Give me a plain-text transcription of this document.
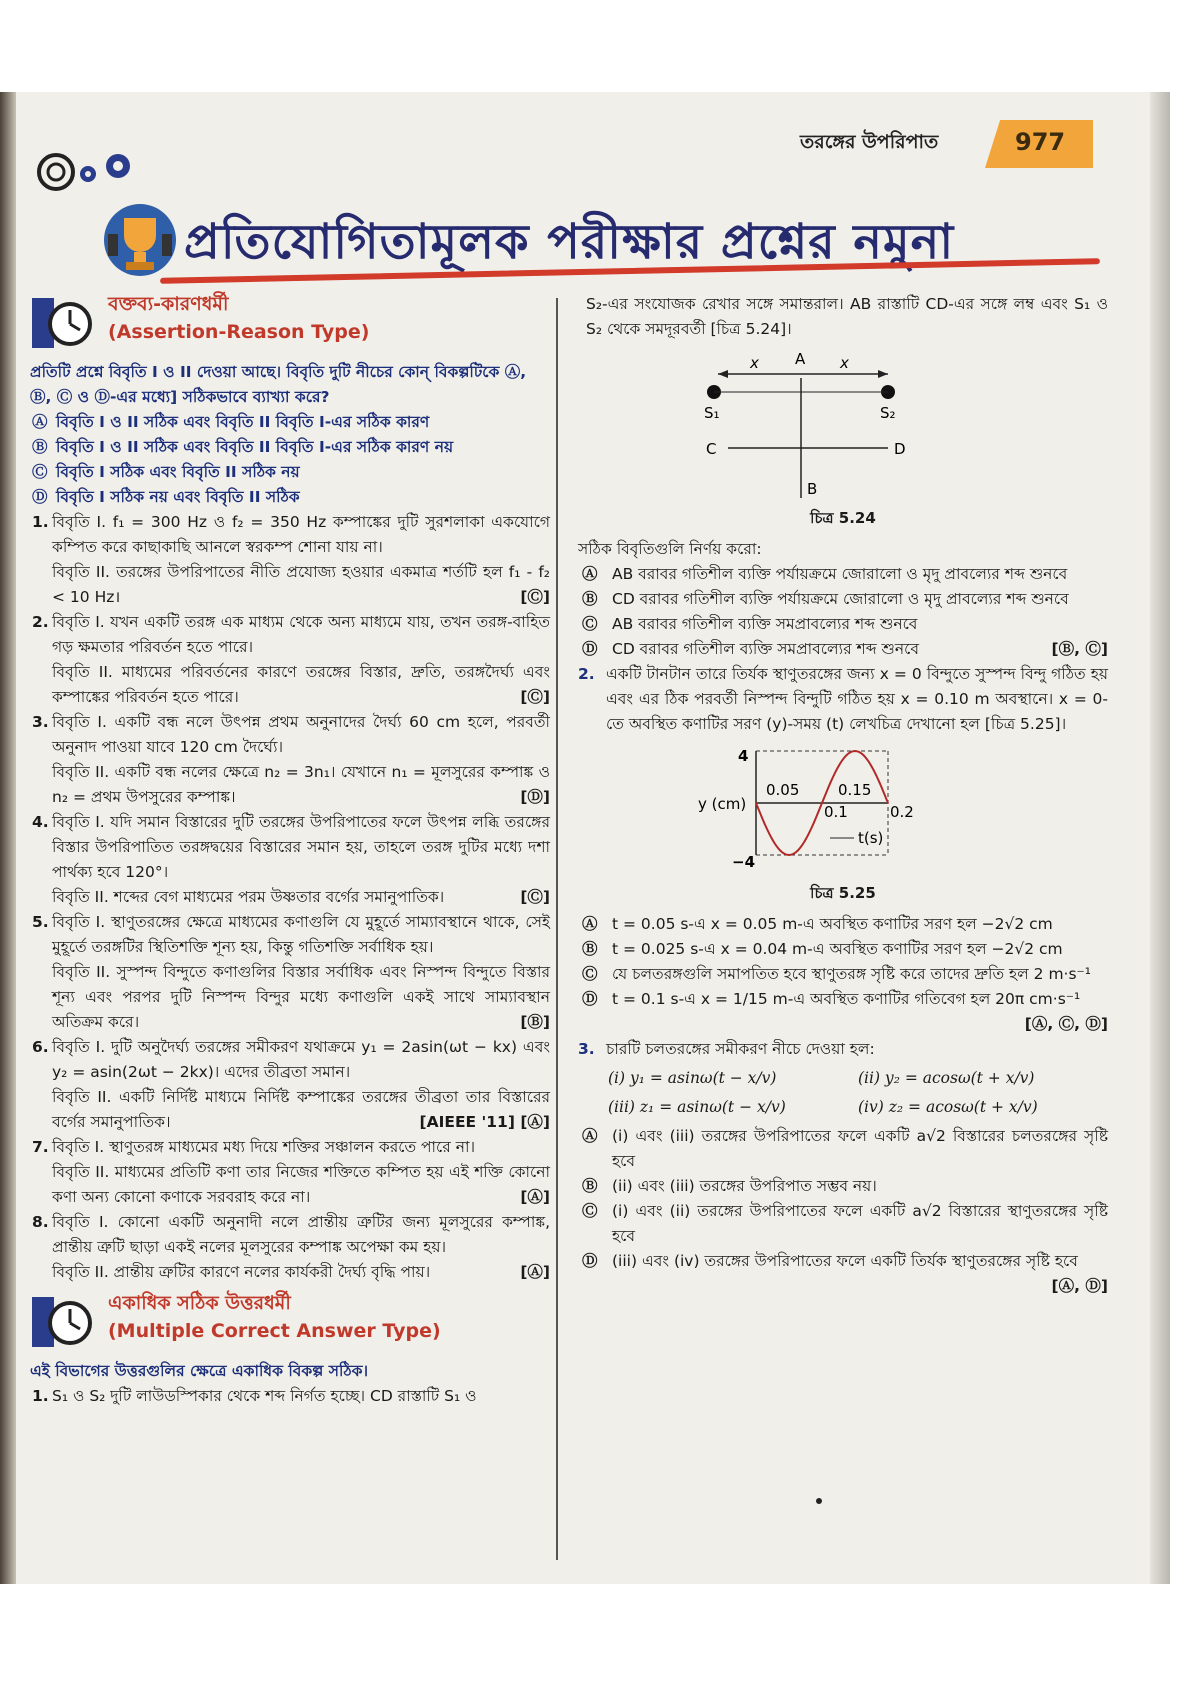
তরঙ্গের উপরিপাত	977
প্রতিযোগিতামূলক পরীক্ষার প্রশ্নের নমুনা
বক্তব্য-কারণধর্মী
(Assertion-Reason Type)

প্রতিটি প্রশ্নে বিবৃতি I ও II দেওয়া আছে। বিবৃতি দুটি নীচের কোন্ বিকল্পটিকে Ⓐ, Ⓑ, Ⓒ ও Ⓓ-এর মধ্যে] সঠিকভাবে ব্যাখ্যা করে?

Ⓐ বিবৃতি I ও II সঠিক এবং বিবৃতি II বিবৃতি I-এর সঠিক কারণ

Ⓑ বিবৃতি I ও II সঠিক এবং বিবৃতি II বিবৃতি I-এর সঠিক কারণ নয়

Ⓒ বিবৃতি I সঠিক এবং বিবৃতি II সঠিক নয়

Ⓓ বিবৃতি I সঠিক নয় এবং বিবৃতি II সঠিক

1. বিবৃতি I. f₁ = 300 Hz ও f₂ = 350 Hz কম্পাঙ্কের দুটি সুরশলাকা একযোগে কম্পিত করে কাছাকাছি আনলে স্বরকম্প শোনা যায় না।

বিবৃতি II. তরঙ্গের উপরিপাতের নীতি প্রযোজ্য হওয়ার একমাত্র শর্তটি হল f₁ - f₂ < 10 Hz।	[Ⓒ]

2. বিবৃতি I. যখন একটি তরঙ্গ এক মাধ্যম থেকে অন্য মাধ্যমে যায়, তখন তরঙ্গ-বাহিত গড় ক্ষমতার পরিবর্তন হতে পারে।

বিবৃতি II. মাধ্যমের পরিবর্তনের কারণে তরঙ্গের বিস্তার, দ্রুতি, তরঙ্গদৈর্ঘ্য এবং কম্পাঙ্কের পরিবর্তন হতে পারে।	[Ⓒ]

3. বিবৃতি I. একটি বন্ধ নলে উৎপন্ন প্রথম অনুনাদের দৈর্ঘ্য 60 cm হলে, পরবর্তী অনুনাদ পাওয়া যাবে 120 cm দৈর্ঘ্যে।

বিবৃতি II. একটি বন্ধ নলের ক্ষেত্রে n₂ = 3n₁। যেখানে n₁ = মূলসুরের কম্পাঙ্ক ও n₂ = প্রথম উপসুরের কম্পাঙ্ক।	[Ⓓ]

4. বিবৃতি I. যদি সমান বিস্তারের দুটি তরঙ্গের উপরিপাতের ফলে উৎপন্ন লব্ধি তরঙ্গের বিস্তার উপরিপাতিত তরঙ্গদ্বয়ের বিস্তারের সমান হয়, তাহলে তরঙ্গ দুটির মধ্যে দশা পার্থক্য হবে 120°।

বিবৃতি II. শব্দের বেগ মাধ্যমের পরম উষ্ণতার বর্গের সমানুপাতিক।	[Ⓒ]

5. বিবৃতি I. স্থাণুতরঙ্গের ক্ষেত্রে মাধ্যমের কণাগুলি যে মুহূর্তে সাম্যাবস্থানে থাকে, সেই মুহূর্তে তরঙ্গটির স্থিতিশক্তি শূন্য হয়, কিন্তু গতিশক্তি সর্বাধিক হয়।

বিবৃতি II. সুস্পন্দ বিন্দুতে কণাগুলির বিস্তার সর্বাধিক এবং নিস্পন্দ বিন্দুতে বিস্তার শূন্য এবং পরপর দুটি নিস্পন্দ বিন্দুর মধ্যে কণাগুলি একই সাথে সাম্যাবস্থান অতিক্রম করে।	[Ⓑ]

6. বিবৃতি I. দুটি অনুদৈর্ঘ্য তরঙ্গের সমীকরণ যথাক্রমে y₁ = 2asin(ωt − kx) এবং y₂ = asin(2ωt − 2kx)। এদের তীব্রতা সমান।

বিবৃতি II. একটি নির্দিষ্ট মাধ্যমে নির্দিষ্ট কম্পাঙ্কের তরঙ্গের তীব্রতা তার বিস্তারের বর্গের সমানুপাতিক।	[AIEEE '11] [Ⓐ]

7. বিবৃতি I. স্থাণুতরঙ্গ মাধ্যমের মধ্য দিয়ে শক্তির সঞ্চালন করতে পারে না।

বিবৃতি II. মাধ্যমের প্রতিটি কণা তার নিজের শক্তিতে কম্পিত হয় এই শক্তি কোনো কণা অন্য কোনো কণাকে সরবরাহ করে না।	[Ⓐ]

8. বিবৃতি I. কোনো একটি অনুনাদী নলে প্রান্তীয় ত্রুটির জন্য মূলসুরের কম্পাঙ্ক, প্রান্তীয় ত্রুটি ছাড়া একই নলের মূলসুরের কম্পাঙ্ক অপেক্ষা কম হয়।

বিবৃতি II. প্রান্তীয় ত্রুটির কারণে নলের কার্যকরী দৈর্ঘ্য বৃদ্ধি পায়।	[Ⓐ]

একাধিক সঠিক উত্তরধর্মী
(Multiple Correct Answer Type)

এই বিভাগের উত্তরগুলির ক্ষেত্রে একাধিক বিকল্প সঠিক।

1. S₁ ও S₂ দুটি লাউডস্পিকার থেকে শব্দ নির্গত হচ্ছে। CD রাস্তাটি S₁ ও

S₂-এর সংযোজক রেখার সঙ্গে সমান্তরাল। AB রাস্তাটি CD-এর সঙ্গে লম্ব এবং S₁ ও S₂ থেকে সমদূরবর্তী [চিত্র 5.24]।

x	x
A
S₁	S₂
C	D
B

চিত্র 5.24

সঠিক বিবৃতিগুলি নির্ণয় করো:

Ⓐ AB বরাবর গতিশীল ব্যক্তি পর্যায়ক্রমে জোরালো ও মৃদু প্রাবল্যের শব্দ শুনবে

Ⓑ CD বরাবর গতিশীল ব্যক্তি পর্যায়ক্রমে জোরালো ও মৃদু প্রাবল্যের শব্দ শুনবে

Ⓒ AB বরাবর গতিশীল ব্যক্তি সমপ্রাবল্যের শব্দ শুনবে

Ⓓ CD বরাবর গতিশীল ব্যক্তি সমপ্রাবল্যের শব্দ শুনবে	[Ⓑ, Ⓒ]

2. একটি টানটান তারে তির্যক স্থাণুতরঙ্গের জন্য x = 0 বিন্দুতে সুস্পন্দ বিন্দু গঠিত হয় এবং এর ঠিক পরবর্তী নিস্পন্দ বিন্দুটি গঠিত হয় x = 0.10 m অবস্থানে। x = 0-তে অবস্থিত কণাটির সরণ (y)-সময় (t) লেখচিত্র দেখানো হল [চিত্র 5.25]।

y (cm)
4
−4
0.05
0.1
0.15
0.2
t(s)

চিত্র 5.25

Ⓐ t = 0.05 s-এ x = 0.05 m-এ অবস্থিত কণাটির সরণ হল −2√2 cm

Ⓑ t = 0.025 s-এ x = 0.04 m-এ অবস্থিত কণাটির সরণ হল −2√2 cm

Ⓒ যে চলতরঙ্গগুলি সমাপতিত হবে স্থাণুতরঙ্গ সৃষ্টি করে তাদের দ্রুতি হল 2 m·s⁻¹

Ⓓ t = 0.1 s-এ x = 1/15 m-এ অবস্থিত কণাটির গতিবেগ হল 20π cm·s⁻¹
[Ⓐ, Ⓒ, Ⓓ]

3. চারটি চলতরঙ্গের সমীকরণ নীচে দেওয়া হল:

(i) y₁ = asinω(t − x/v)	(ii) y₂ = acosω(t + x/v)
(iii) z₁ = asinω(t − x/v)	(iv) z₂ = acosω(t + x/v)

Ⓐ (i) এবং (iii) তরঙ্গের উপরিপাতের ফলে একটি a√2 বিস্তারের চলতরঙ্গের সৃষ্টি হবে

Ⓑ (ii) এবং (iii) তরঙ্গের উপরিপাত সম্ভব নয়।

Ⓒ (i) এবং (ii) তরঙ্গের উপরিপাতের ফলে একটি a√2 বিস্তারের স্থাণুতরঙ্গের সৃষ্টি হবে

Ⓓ (iii) এবং (iv) তরঙ্গের উপরিপাতের ফলে একটি তির্যক স্থাণুতরঙ্গের সৃষ্টি হবে
[Ⓐ, Ⓓ]
